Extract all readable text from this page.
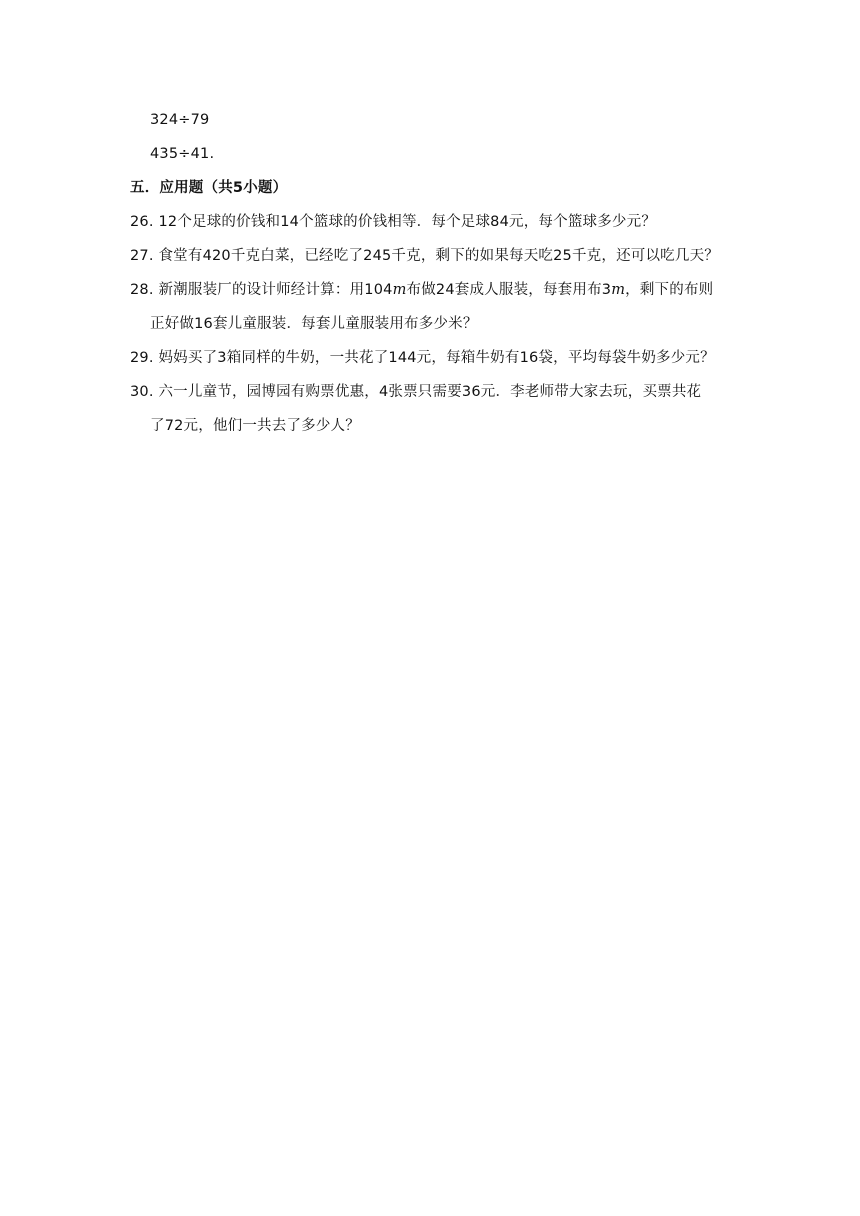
324÷79
435÷41.
五．应用题（共5小题）
26. 12个足球的价钱和14个篮球的价钱相等．每个足球84元，每个篮球多少元？
27. 食堂有420千克白菜，已经吃了245千克，剩下的如果每天吃25千克，还可以吃几天？
28. 新潮服装厂的设计师经计算：用104m布做24套成人服装，每套用布3m，剩下的布则
正好做16套儿童服装．每套儿童服装用布多少米？
29. 妈妈买了3箱同样的牛奶，一共花了144元，每箱牛奶有16袋，平均每袋牛奶多少元？
30. 六一儿童节，园博园有购票优惠，4张票只需要36元．李老师带大家去玩，买票共花
了72元，他们一共去了多少人？
